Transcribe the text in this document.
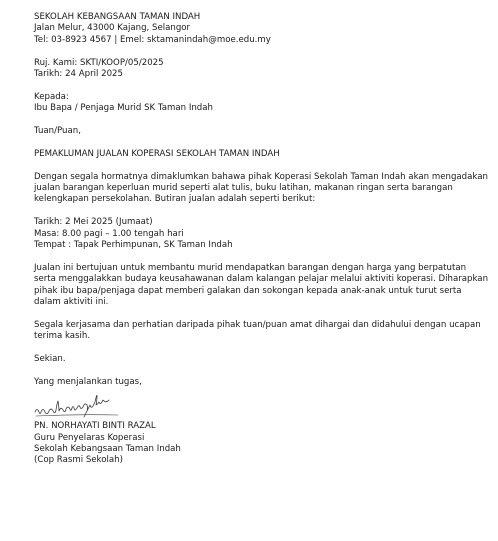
SEKOLAH KEBANGSAAN TAMAN INDAH
Jalan Melur, 43000 Kajang, Selangor
Tel: 03-8923 4567 | Emel: sktamanindah@moe.edu.my
Ruj. Kami: SKTI/KOOP/05/2025
Tarikh: 24 April 2025
Kepada:
Ibu Bapa / Penjaga Murid SK Taman Indah
Tuan/Puan,
PEMAKLUMAN JUALAN KOPERASI SEKOLAH TAMAN INDAH
Dengan segala hormatnya dimaklumkan bahawa pihak Koperasi Sekolah Taman Indah akan mengadakan
jualan barangan keperluan murid seperti alat tulis, buku latihan, makanan ringan serta barangan
kelengkapan persekolahan. Butiran jualan adalah seperti berikut:
Tarikh: 2 Mei 2025 (Jumaat)
Masa: 8.00 pagi – 1.00 tengah hari
Tempat : Tapak Perhimpunan, SK Taman Indah
Jualan ini bertujuan untuk membantu murid mendapatkan barangan dengan harga yang berpatutan
serta menggalakkan budaya keusahawanan dalam kalangan pelajar melalui aktiviti koperasi. Diharapkan
pihak ibu bapa/penjaga dapat memberi galakan dan sokongan kepada anak-anak untuk turut serta
dalam aktiviti ini.
Segala kerjasama dan perhatian daripada pihak tuan/puan amat dihargai dan didahului dengan ucapan
terima kasih.
Sekian.
Yang menjalankan tugas,
PN. NORHAYATI BINTI RAZAL
Guru Penyelaras Koperasi
Sekolah Kebangsaan Taman Indah
(Cop Rasmi Sekolah)
